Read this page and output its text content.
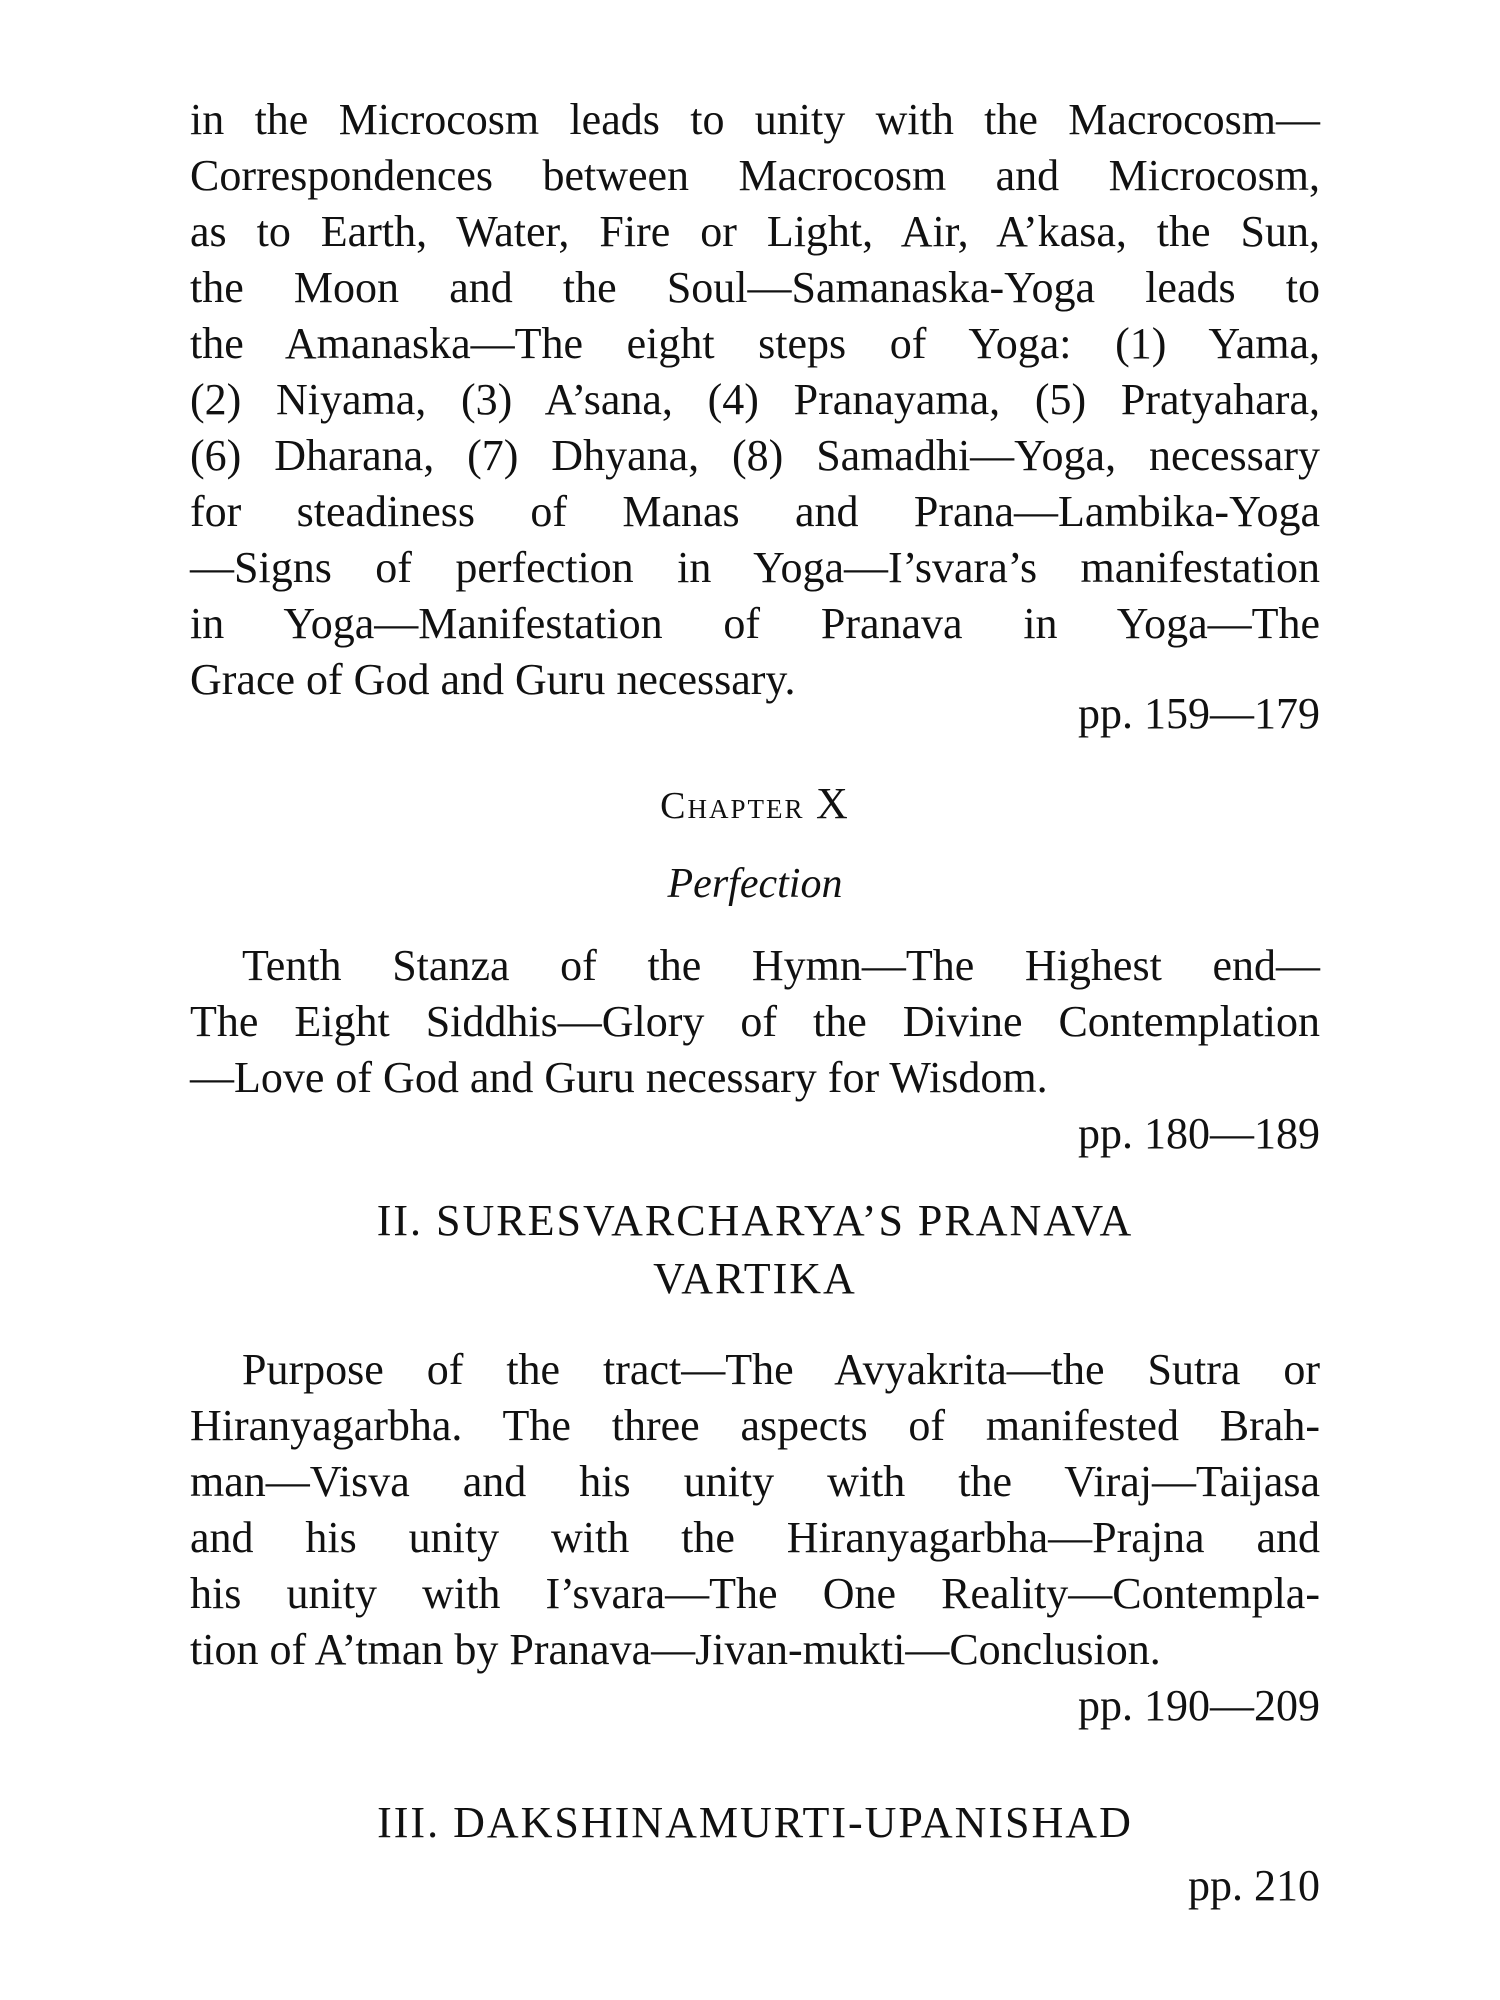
in the Microcosm leads to unity with the Macrocosm—
Correspondences between Macrocosm and Microcosm,
as to Earth, Water, Fire or Light, Air, A’kasa, the Sun,
the Moon and the Soul—Samanaska-Yoga leads to
the Amanaska—The eight steps of Yoga: (1) Yama,
(2) Niyama, (3) A’sana, (4) Pranayama, (5) Pratyahara,
(6) Dharana, (7) Dhyana, (8) Samadhi—Yoga, necessary
for steadiness of Manas and Prana—Lambika-Yoga
—Signs of perfection in Yoga—I’svara’s manifestation
in Yoga—Manifestation of Pranava in Yoga—The
Grace of God and Guru necessary.
pp. 159—179
Chapter X
Perfection
Tenth Stanza of the Hymn—The Highest end—
The Eight Siddhis—Glory of the Divine Contemplation
—Love of God and Guru necessary for Wisdom.
pp. 180—189
II. SURESVARCHARYA’S PRANAVA
VARTIKA
Purpose of the tract—The Avyakrita—the Sutra or
Hiranyagarbha. The three aspects of manifested Brah-
man—Visva and his unity with the Viraj—Taijasa
and his unity with the Hiranyagarbha—Prajna and
his unity with I’svara—The One Reality—Contempla-
tion of A’tman by Pranava—Jivan-mukti—Conclusion.
pp. 190—209
III. DAKSHINAMURTI-UPANISHAD
pp. 210
